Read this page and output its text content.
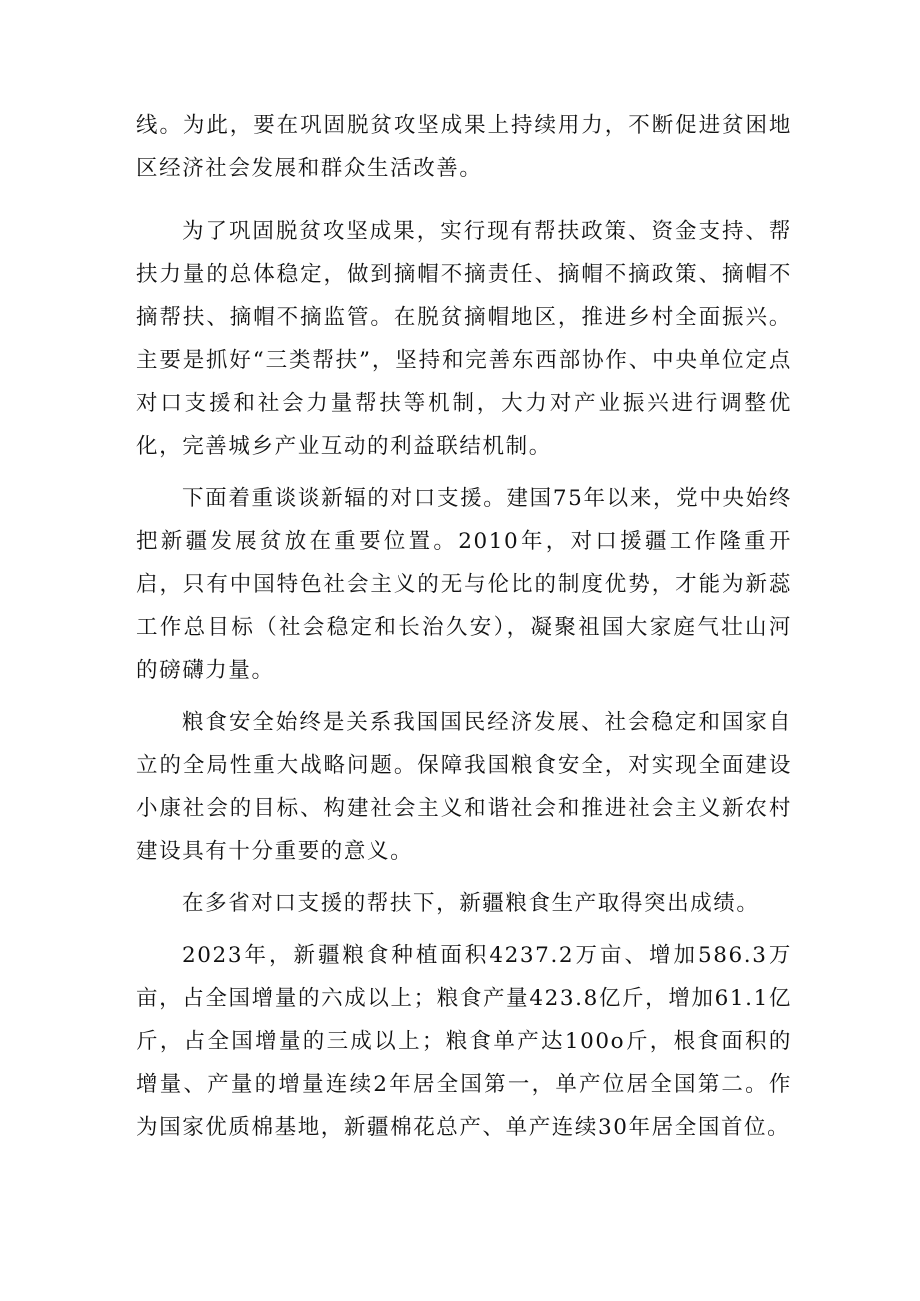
线。为此，要在巩固脱贫攻坚成果上持续用力，不断促进贫困地区经济社会发展和群众生活改善。

为了巩固脱贫攻坚成果，实行现有帮扶政策、资金支持、帮扶力量的总体稳定，做到摘帽不摘责任、摘帽不摘政策、摘帽不摘帮扶、摘帽不摘监管。在脱贫摘帽地区，推进乡村全面振兴。主要是抓好“三类帮扶”，坚持和完善东西部协作、中央单位定点对口支援和社会力量帮扶等机制，大力对产业振兴进行调整优化，完善城乡产业互动的利益联结机制。

下面着重谈谈新辐的对口支援。建国75年以来，党中央始终把新疆发展贫放在重要位置。2010年，对口援疆工作隆重开启，只有中国特色社会主义的无与伦比的制度优势，才能为新蕊工作总目标（社会稳定和长治久安），凝聚祖国大家庭气壮山河的磅礴力量。

粮食安全始终是关系我国国民经济发展、社会稳定和国家自立的全局性重大战略问题。保障我国粮食安全，对实现全面建设小康社会的目标、构建社会主义和谐社会和推进社会主义新农村建设具有十分重要的意义。

在多省对口支援的帮扶下，新疆粮食生产取得突出成绩。

2023年，新疆粮食种植面积4237.2万亩、增加586.3万亩，占全国增量的六成以上；粮食产量423.8亿斤，增加61.1亿斤，占全国增量的三成以上；粮食单产达100o斤，根食面积的增量、产量的增量连续2年居全国第一，单产位居全国第二。作为国家优质棉基地，新疆棉花总产、单产连续30年居全国首位。
